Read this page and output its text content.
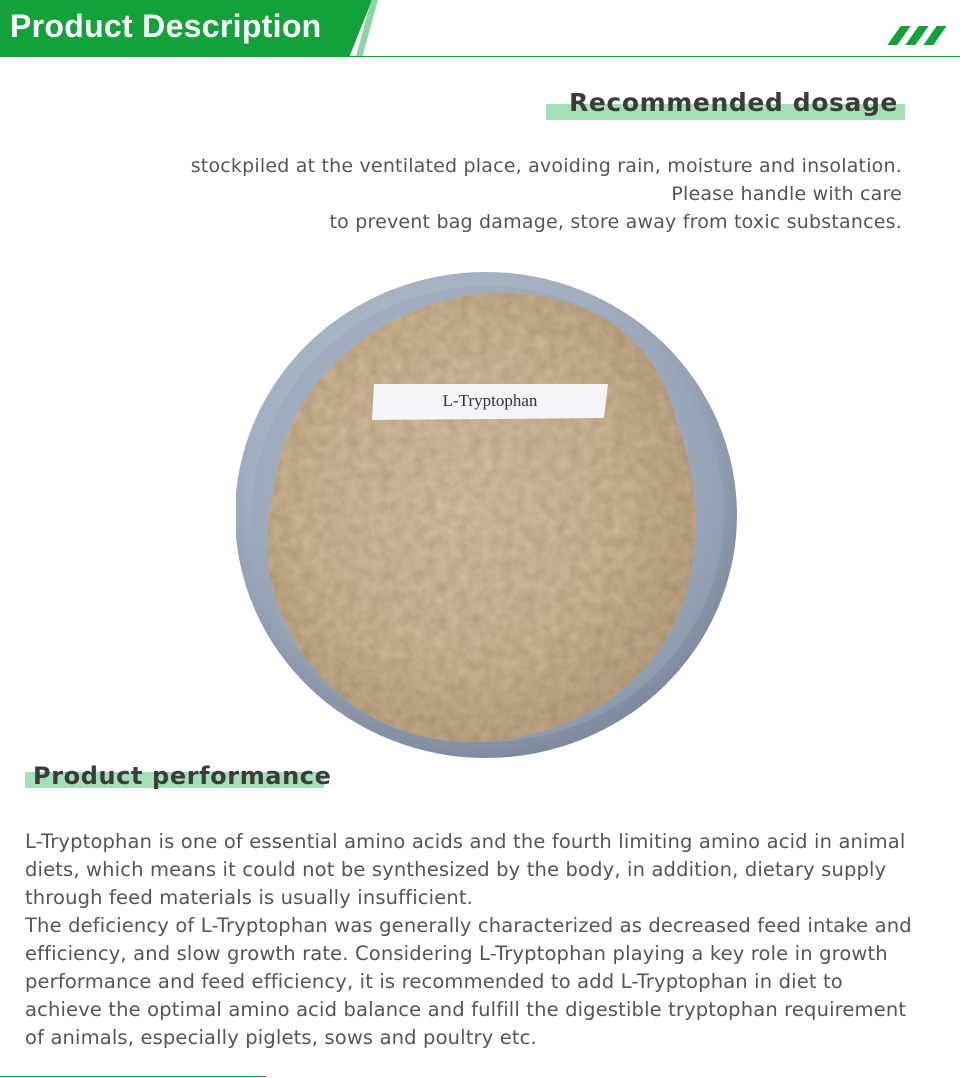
Product Description
Recommended dosage
stockpiled at the ventilated place, avoiding rain, moisture and insolation.
Please handle with care
to prevent bag damage, store away from toxic substances.
L-Tryptophan
Product performance

L-Tryptophan is one of essential amino acids and the fourth limiting amino acid in animal diets, which means it could not be synthesized by the body, in addition, dietary supply through feed materials is usually insufficient.

The deficiency of L-Tryptophan was generally characterized as decreased feed intake and efficiency, and slow growth rate. Considering L-Tryptophan playing a key role in growth performance and feed efficiency, it is recommended to add L-Tryptophan in diet to achieve the optimal amino acid balance and fulfill the digestible tryptophan requirement of animals, especially piglets, sows and poultry etc.
